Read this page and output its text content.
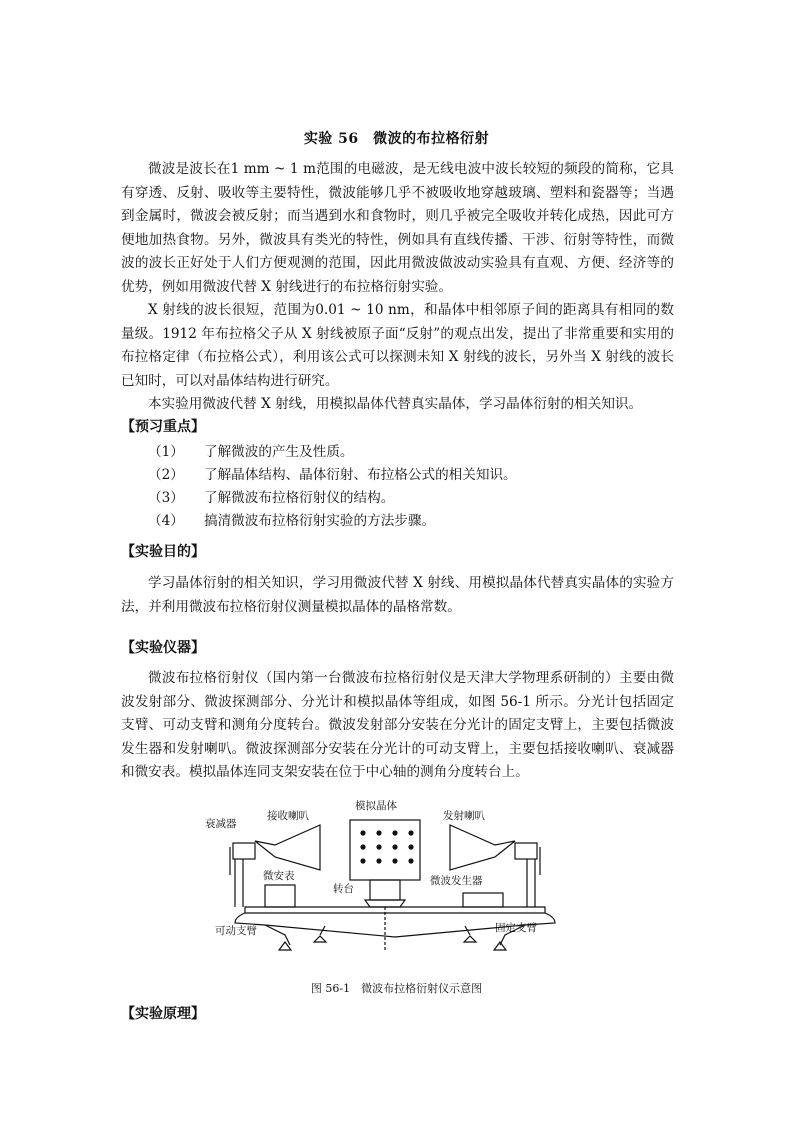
实验 56　微波的布拉格衍射

微波是波长在1 mm ~ 1 m范围的电磁波，是无线电波中波长较短的频段的简称，它具有穿透、反射、吸收等主要特性，微波能够几乎不被吸收地穿越玻璃、塑料和瓷器等；当遇到金属时，微波会被反射；而当遇到水和食物时，则几乎被完全吸收并转化成热，因此可方便地加热食物。另外，微波具有类光的特性，例如具有直线传播、干涉、衍射等特性，而微波的波长正好处于人们方便观测的范围，因此用微波做波动实验具有直观、方便、经济等的优势，例如用微波代替 X 射线进行的布拉格衍射实验。

X 射线的波长很短，范围为0.01 ~ 10 nm，和晶体中相邻原子间的距离具有相同的数量级。1912 年布拉格父子从 X 射线被原子面“反射”的观点出发，提出了非常重要和实用的布拉格定律（布拉格公式），利用该公式可以探测未知 X 射线的波长，另外当 X 射线的波长已知时，可以对晶体结构进行研究。

本实验用微波代替 X 射线，用模拟晶体代替真实晶体，学习晶体衍射的相关知识。

【预习重点】
（1） 了解微波的产生及性质。
（2） 了解晶体结构、晶体衍射、布拉格公式的相关知识。
（3） 了解微波布拉格衍射仪的结构。
（4） 搞清微波布拉格衍射实验的方法步骤。
【实验目的】

学习晶体衍射的相关知识，学习用微波代替 X 射线、用模拟晶体代替真实晶体的实验方法，并利用微波布拉格衍射仪测量模拟晶体的晶格常数。

【实验仪器】

微波布拉格衍射仪（国内第一台微波布拉格衍射仪是天津大学物理系研制的）主要由微波发射部分、微波探测部分、分光计和模拟晶体等组成，如图 56-1 所示。分光计包括固定支臂、可动支臂和测角分度转台。微波发射部分安装在分光计的固定支臂上，主要包括微波发生器和发射喇叭。微波探测部分安装在分光计的可动支臂上，主要包括接收喇叭、衰减器和微安表。模拟晶体连同支架安装在位于中心轴的测角分度转台上。

模拟晶体
接收喇叭	发射喇叭
衰减器
微安表
转台
微波发生器
可动支臂	固定支臂
图 56-1　微波布拉格衍射仪示意图
【实验原理】
